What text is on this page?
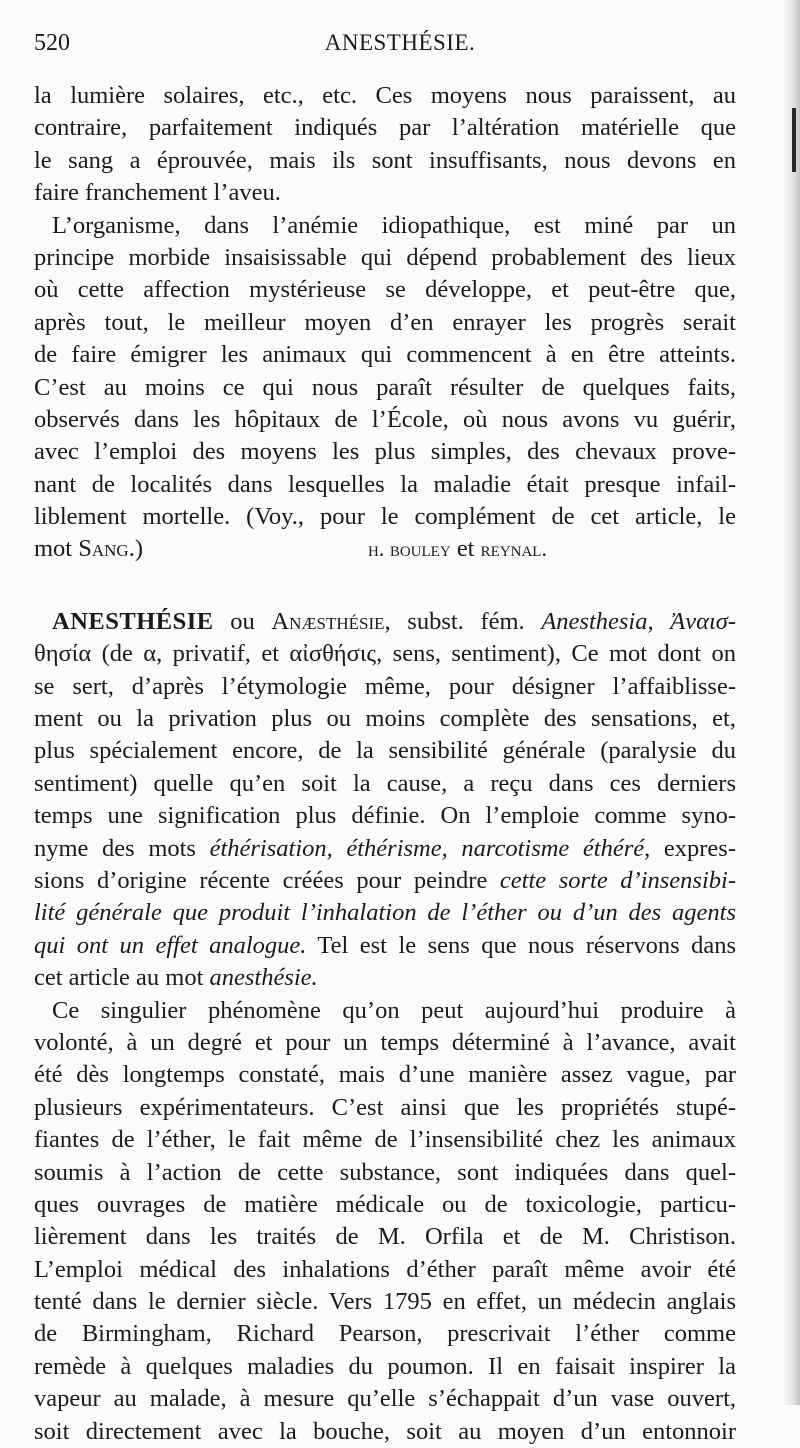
520	ANESTHÉSIE.
la lumière solaires, etc., etc. Ces moyens nous paraissent, au
contraire, parfaitement indiqués par l’altération matérielle que
le sang a éprouvée, mais ils sont insuffisants, nous devons en
faire franchement l’aveu.
L’organisme, dans l’anémie idiopathique, est miné par un
principe morbide insaisissable qui dépend probablement des lieux
où cette affection mystérieuse se développe, et peut-être que,
après tout, le meilleur moyen d’en enrayer les progrès serait
de faire émigrer les animaux qui commencent à en être atteints.
C’est au moins ce qui nous paraît résulter de quelques faits,
observés dans les hôpitaux de l’École, où nous avons vu guérir,
avec l’emploi des moyens les plus simples, des chevaux prove-
nant de localités dans lesquelles la maladie était presque infail-
liblement mortelle. (Voy., pour le complément de cet article, le
mot Sang.)	h. bouley et reynal.
ANESTHÉSIE ou Anæsthésie, subst. fém. Anesthesia, Ἀναισ-
θησία (de α, privatif, et αἰσθήσις, sens, sentiment), Ce mot dont on
se sert, d’après l’étymologie même, pour désigner l’affaiblisse-
ment ou la privation plus ou moins complète des sensations, et,
plus spécialement encore, de la sensibilité générale (paralysie du
sentiment) quelle qu’en soit la cause, a reçu dans ces derniers
temps une signification plus définie. On l’emploie comme syno-
nyme des mots éthérisation, éthérisme, narcotisme éthéré, expres-
sions d’origine récente créées pour peindre cette sorte d’insensibi-
lité générale que produit l’inhalation de l’éther ou d’un des agents
qui ont un effet analogue. Tel est le sens que nous réservons dans
cet article au mot anesthésie.
Ce singulier phénomène qu’on peut aujourd’hui produire à
volonté, à un degré et pour un temps déterminé à l’avance, avait
été dès longtemps constaté, mais d’une manière assez vague, par
plusieurs expérimentateurs. C’est ainsi que les propriétés stupé-
fiantes de l’éther, le fait même de l’insensibilité chez les animaux
soumis à l’action de cette substance, sont indiquées dans quel-
ques ouvrages de matière médicale ou de toxicologie, particu-
lièrement dans les traités de M. Orfila et de M. Christison.
L’emploi médical des inhalations d’éther paraît même avoir été
tenté dans le dernier siècle. Vers 1795 en effet, un médecin anglais
de Birmingham, Richard Pearson, prescrivait l’éther comme
remède à quelques maladies du poumon. Il en faisait inspirer la
vapeur au malade, à mesure qu’elle s’échappait d’un vase ouvert,
soit directement avec la bouche, soit au moyen d’un entonnoir
